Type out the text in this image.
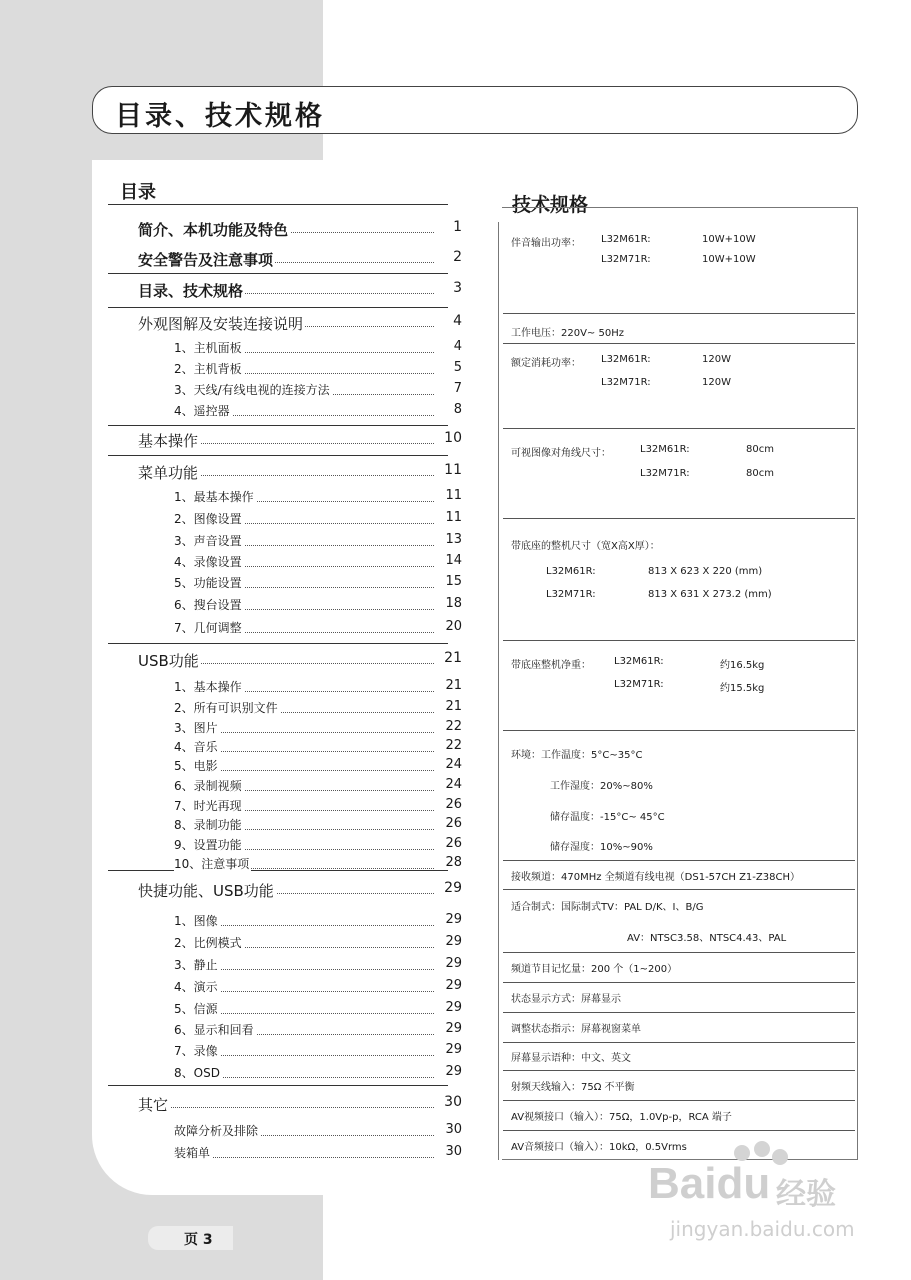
目录、技术规格
目录
简介、本机功能及特色	1
安全警告及注意事项	2
目录、技术规格	3
外观图解及安装连接说明	4
1、主机面板	4
2、主机背板	5
3、天线/有线电视的连接方法	7
4、遥控器	8
基本操作	10
菜单功能	11
1、最基本操作	11
2、图像设置	11
3、声音设置	13
4、录像设置	14
5、功能设置	15
6、搜台设置	18
7、几何调整	20
USB功能	21
1、基本操作	21
2、所有可识别文件	21
3、图片	22
4、音乐	22
5、电影	24
6、录制视频	24
7、时光再现	26
8、录制功能	26
9、设置功能	26
10、注意事项	28
快捷功能、USB功能	29
1、图像	29
2、比例模式	29
3、静止	29
4、演示	29
5、信源	29
6、显示和回看	29
7、录像	29
8、OSD	29
其它	30
故障分析及排除	30
装箱单	30
技术规格
伴音输出功率： L32M61R:	10W+10W
L32M71R:	10W+10W
工作电压：220V~ 50Hz
额定消耗功率： L32M61R:	120W
L32M71R:	120W
可视图像对角线尺寸：	L32M61R:	80cm
L32M71R:	80cm
带底座的整机尺寸（宽X高X厚）：
L32M61R:	813 X 623 X 220 (mm)
L32M71R:	813 X 631 X 273.2 (mm)
带底座整机净重： L32M61R:	约16.5kg
L32M71R:	约15.5kg
环境：工作温度：5°C~35°C
工作湿度：20%~80%
储存温度：-15°C~ 45°C
储存湿度：10%~90%
接收频道：470MHz 全频道有线电视（DS1-57CH Z1-Z38CH）
适合制式：国际制式TV：PAL D/K、I、B/G
AV：NTSC3.58、NTSC4.43、PAL
频道节目记忆量：200 个（1~200）
状态显示方式：屏幕显示
调整状态指示：屏幕视窗菜单
屏幕显示语种：中文、英文
射频天线输入：75Ω 不平衡
AV视频接口（输入）：75Ω，1.0Vp-p，RCA 端子
AV音频接口（输入）：10kΩ，0.5Vrms
页 3
Baidu 经验
jingyan.baidu.com
